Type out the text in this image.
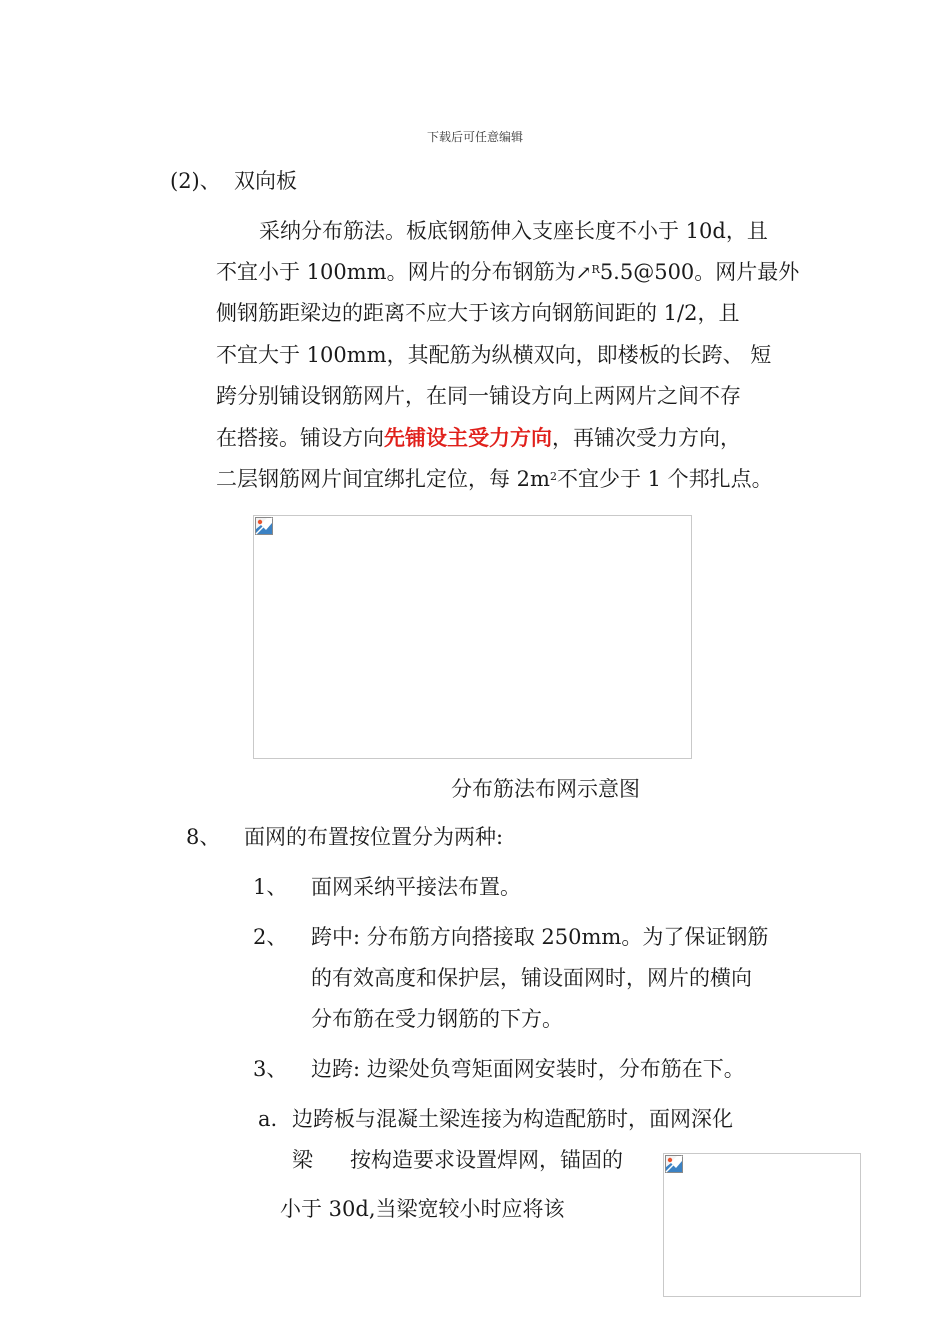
下载后可任意编辑
(2)、 双向板
采纳分布筋法。板底钢筋伸入支座长度不小于 10d，且
不宜小于 100mm。网片的分布钢筋为↗$^R$5.5@500。网片最外
侧钢筋距梁边的距离不应大于该方向钢筋间距的 1/2，且
不宜大于 100mm，其配筋为纵横双向，即楼板的长跨、 短
跨分别铺设钢筋网片，在同一铺设方向上两网片之间不存
在搭接。铺设方向先铺设主受力方向，再铺次受力方向，
二层钢筋网片间宜绑扎定位，每 $2m^2$不宜少于 1 个邦扎点。
分布筋法布网示意图
8、 面网的布置按位置分为两种:
1、 面网采纳平接法布置。
2、 跨中: 分布筋方向搭接取 250mm。为了保证钢筋
的有效高度和保护层，铺设面网时，网片的横向
分布筋在受力钢筋的下方。
3、 边跨: 边梁处负弯矩面网安装时，分布筋在下。
a. 边跨板与混凝土梁连接为构造配筋时，面网深化
梁 按构造要求设置焊网，锚固的
小于 30d,当梁宽较小时应将该
